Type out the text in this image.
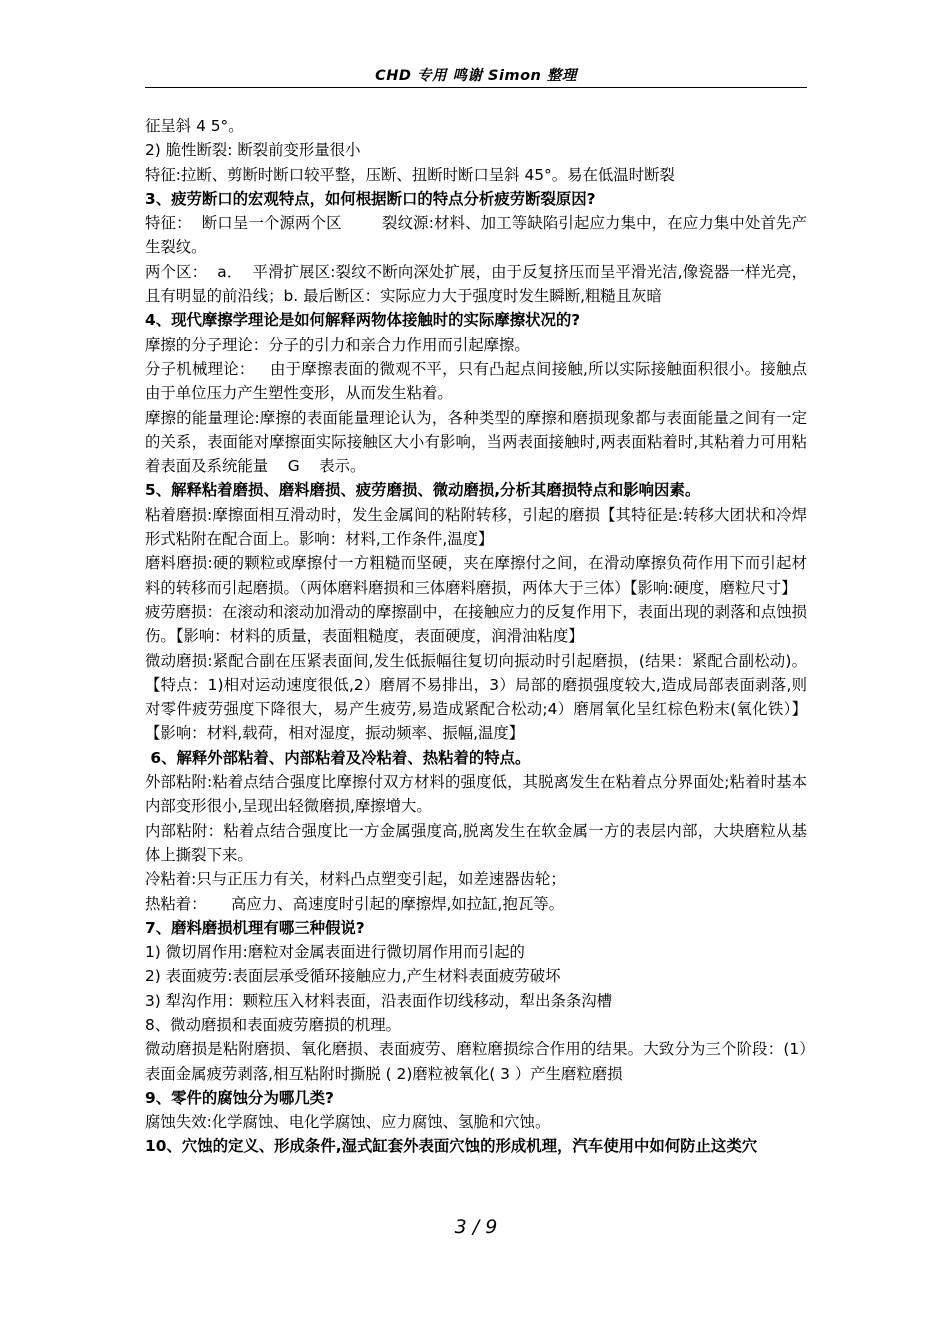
CHD 专用 鸣谢 Simon 整理

征呈斜 4 5°。

2) 脆性断裂: 断裂前变形量很小

特征:拉断、剪断时断口较平整，压断、扭断时断口呈斜 45°。易在低温时断裂

3、疲劳断口的宏观特点，如何根据断口的特点分析疲劳断裂原因?

特征：  断口呈一个源两个区        裂纹源:材料、加工等缺陷引起应力集中，在应力集中处首先产生裂纹。

两个区：  a．  平滑扩展区:裂纹不断向深处扩展，由于反复挤压而呈平滑光洁,像瓷器一样光亮，且有明显的前沿线；b. 最后断区：实际应力大于强度时发生瞬断,粗糙且灰暗

4、现代摩擦学理论是如何解释两物体接触时的实际摩擦状况的?

摩擦的分子理论：分子的引力和亲合力作用而引起摩擦。

分子机械理论：   由于摩擦表面的微观不平，只有凸起点间接触,所以实际接触面积很小。接触点由于单位压力产生塑性变形，从而发生粘着。

摩擦的能量理论:摩擦的表面能量理论认为，各种类型的摩擦和磨损现象都与表面能量之间有一定的关系，表面能对摩擦面实际接触区大小有影响，当两表面接触时,两表面粘着时,其粘着力可用粘着表面及系统能量    G    表示。

5、解释粘着磨损、磨料磨损、疲劳磨损、微动磨损,分析其磨损特点和影响因素。

粘着磨损:摩擦面相互滑动时，发生金属间的粘附转移，引起的磨损【其特征是:转移大团状和冷焊形式粘附在配合面上。影响：材料,工作条件,温度】

磨料磨损:硬的颗粒或摩擦付一方粗糙而坚硬，夹在摩擦付之间，在滑动摩擦负荷作用下而引起材料的转移而引起磨损。（两体磨料磨损和三体磨料磨损，两体大于三体）【影响:硬度，磨粒尺寸】

疲劳磨损：在滚动和滚动加滑动的摩擦副中，在接触应力的反复作用下，表面出现的剥落和点蚀损伤。【影响：材料的质量，表面粗糙度，表面硬度，润滑油粘度】

微动磨损:紧配合副在压紧表面间,发生低振幅往复切向振动时引起磨损，(结果：紧配合副松动)。【特点：1)相对运动速度很低,2）磨屑不易排出，3）局部的磨损强度较大,造成局部表面剥落,则对零件疲劳强度下降很大，易产生疲劳,易造成紧配合松动;4）磨屑氧化呈红棕色粉末(氧化铁）】【影响：材料,载荷，相对湿度，振动频率、振幅,温度】

6、解释外部粘着、内部粘着及冷粘着、热粘着的特点。

外部粘附:粘着点结合强度比摩擦付双方材料的强度低，其脱离发生在粘着点分界面处;粘着时基本内部变形很小,呈现出轻微磨损,摩擦增大。

内部粘附：粘着点结合强度比一方金属强度高,脱离发生在软金属一方的表层内部，大块磨粒从基体上撕裂下来。

冷粘着:只与正压力有关，材料凸点塑变引起，如差速器齿轮；

热粘着：     高应力、高速度时引起的摩擦焊,如拉缸,抱瓦等。

7、磨料磨损机理有哪三种假说?

1) 微切屑作用:磨粒对金属表面进行微切屑作用而引起的

2) 表面疲劳:表面层承受循环接触应力,产生材料表面疲劳破坏

3) 犁沟作用：颗粒压入材料表面，沿表面作切线移动，犁出条条沟槽

8、微动磨损和表面疲劳磨损的机理。

微动磨损是粘附磨损、氧化磨损、表面疲劳、磨粒磨损综合作用的结果。大致分为三个阶段：(1）表面金属疲劳剥落,相互粘附时撕脱 ( 2)磨粒被氧化( 3 ）产生磨粒磨损

9、零件的腐蚀分为哪几类?

腐蚀失效:化学腐蚀、电化学腐蚀、应力腐蚀、氢脆和穴蚀。

10、穴蚀的定义、形成条件,湿式缸套外表面穴蚀的形成机理，汽车使用中如何防止这类穴

3 / 9
